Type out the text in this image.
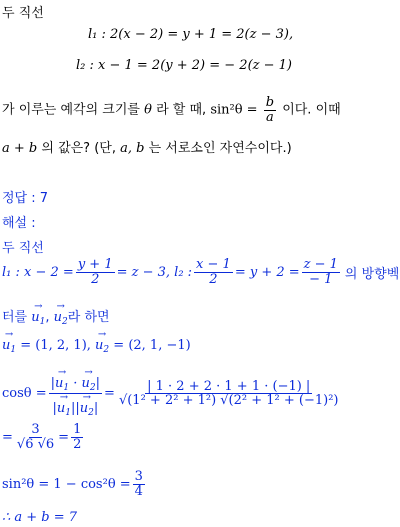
두 직선
l₁ : 2(x − 2) = y + 1 = 2(z − 3),
l₂ : x − 1 = 2(y + 2) = − 2(z − 1)
가 이루는 예각의 크기를 θ 라 할 때, $\sin^2\theta = \frac{b}{a}$ 이다. 이때
a + b 의 값은? (단, a, b 는 서로소인 자연수이다.)
정답 : 7
해설 :
두 직선
l₁ : $x - 2 = \frac{y + 1}{2} = z - 3$, l₂ : $\frac{x - 1}{2} = y + 2 = \frac{z - 1}{- 1}$ 의 방향벡
터를 → $u_1$, → $u_2$라 하면
→ $u_1 = (1$, 2, 1), → $u_2 = (2$, 1, −1)
$\cos\theta = \frac{|\to u_1 \cdot \to u_2|}{|\to u_1||\to u_2|} = \frac{| 1 \cdot 2 + 2 \cdot 1 + 1 \cdot (-1) |}{\text{√(1² + 2² + 1²) √(2² + 1² + (−1)²)}}$
= $\frac{3}{√6 √6} = \frac{1}{2}$
$\sin^2\theta = 1 - \cos^2\theta = \frac{3}{4}$
∴ a + b = 7
